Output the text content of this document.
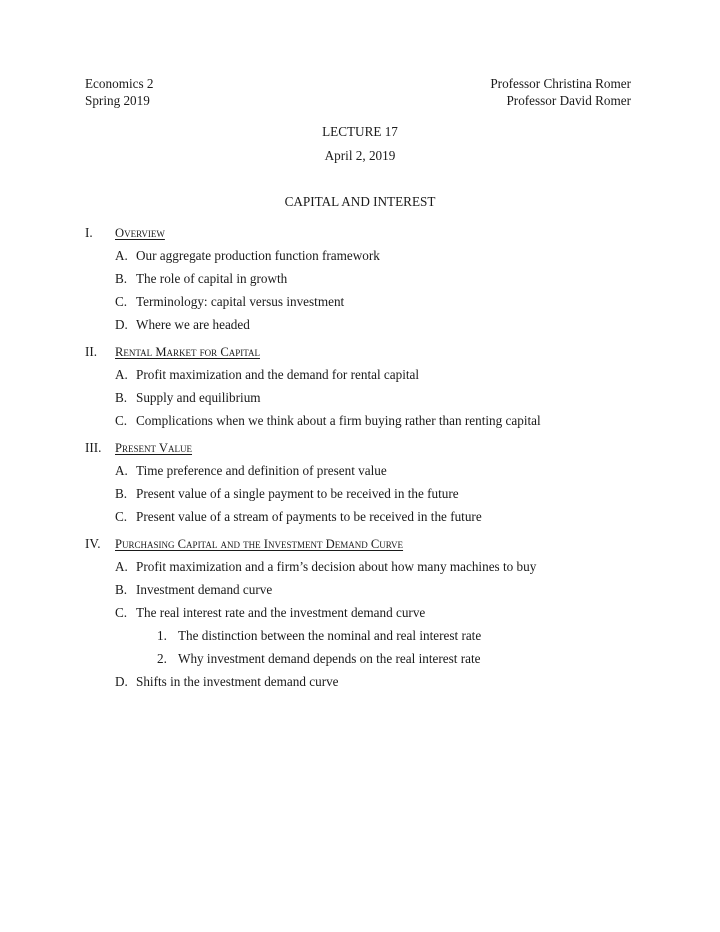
Economics 2	Professor Christina Romer
Spring 2019	Professor David Romer
LECTURE 17
April 2, 2019
CAPITAL AND INTEREST
I. Overview
A. Our aggregate production function framework
B. The role of capital in growth
C. Terminology: capital versus investment
D. Where we are headed
II. Rental Market for Capital
A. Profit maximization and the demand for rental capital
B. Supply and equilibrium
C. Complications when we think about a firm buying rather than renting capital
III. Present Value
A. Time preference and definition of present value
B. Present value of a single payment to be received in the future
C. Present value of a stream of payments to be received in the future
IV. Purchasing Capital and the Investment Demand Curve
A. Profit maximization and a firm’s decision about how many machines to buy
B. Investment demand curve
C. The real interest rate and the investment demand curve
1. The distinction between the nominal and real interest rate
2. Why investment demand depends on the real interest rate
D. Shifts in the investment demand curve
